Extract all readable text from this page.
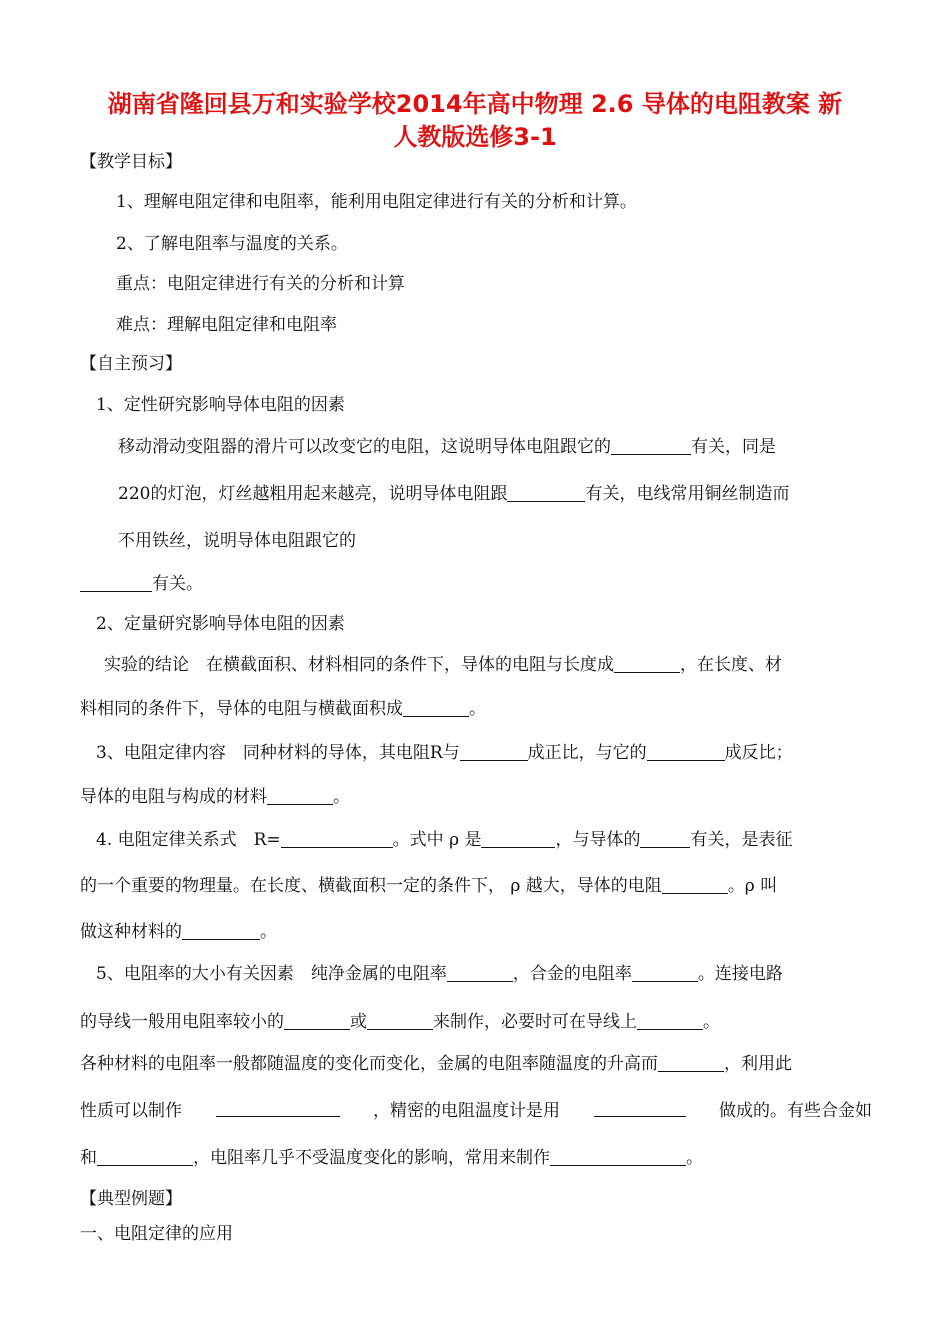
湖南省隆回县万和实验学校2014年高中物理 2.6 导体的电阻教案 新
人教版选修3-1
【教学目标】
1、理解电阻定律和电阻率，能利用电阻定律进行有关的分析和计算。
2、了解电阻率与温度的关系。
重点：电阻定律进行有关的分析和计算
难点：理解电阻定律和电阻率
【自主预习】
1、定性研究影响导体电阻的因素
移动滑动变阻器的滑片可以改变它的电阻，这说明导体电阻跟它的	有关，同是
220的灯泡，灯丝越粗用起来越亮，说明导体电阻跟	有关，电线常用铜丝制造而
不用铁丝，说明导体电阻跟它的
有关。
2、定量研究影响导体电阻的因素
实验的结论　在横截面积、材料相同的条件下，导体的电阻与长度成	，在长度、材
料相同的条件下，导体的电阻与横截面积成	。
3、电阻定律内容　同种材料的导体，其电阻R与	成正比，与它的	成反比；
导体的电阻与构成的材料	。
4. 电阻定律关系式　R=	。式中 ρ 是	，与导体的	有关，是表征
的一个重要的物理量。在长度、横截面积一定的条件下， ρ 越大，导体的电阻	。ρ 叫
做这种材料的	。
5、电阻率的大小有关因素　纯净金属的电阻率	，合金的电阻率	。连接电路
的导线一般用电阻率较小的	或	来制作，必要时可在导线上	。
各种材料的电阻率一般都随温度的变化而变化，金属的电阻率随温度的升高而	，利用此
性质可以制作	，精密的电阻温度计是用	做成的。有些合金如
和	，电阻率几乎不受温度变化的影响，常用来制作	。
【典型例题】
一、电阻定律的应用
